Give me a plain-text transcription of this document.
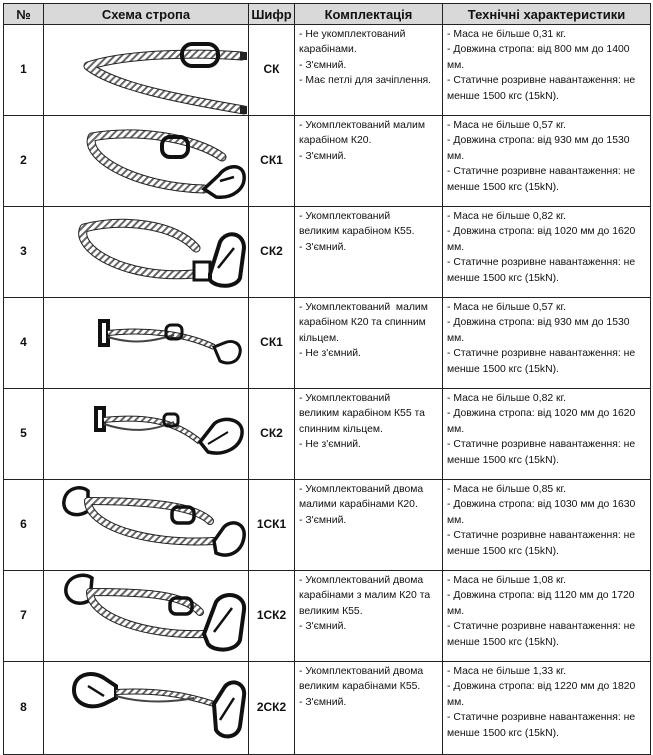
№	Схема стропа	Шифр	Комплектація	Технічні характеристики
1		СК	- Не укомплектований
карабінами.
- З'ємний.
- Має петлі для зачіплення.	- Маса не більше 0,31 кг.
- Довжина стропа: від 800 мм до 1400
мм.
- Статичне розривне навантаження: не
менше 1500 кгс (15kN).

2		СК1	- Укомплектований малим
карабіном К20.
- З'ємний.	- Маса не більше 0,57 кг.
- Довжина стропа: від 930 мм до 1530
мм.
- Статичне розривне навантаження: не
менше 1500 кгс (15kN).

3		СК2	- Укомплектований
великим карабіном К55.
- З'ємний.	- Маса не більше 0,82 кг.
- Довжина стропа: від 1020 мм до 1620
мм.
- Статичне розривне навантаження: не
менше 1500 кгс (15kN).

4		СК1	- Укомплектований  малим
карабіном К20 та спинним
кільцем.
- Не з'ємний.	- Маса не більше 0,57 кг.
- Довжина стропа: від 930 мм до 1530
мм.
- Статичне розривне навантаження: не
менше 1500 кгс (15kN).

5		СК2	- Укомплектований
великим карабіном К55 та
спинним кільцем.
- Не з'ємний.	- Маса не більше 0,82 кг.
- Довжина стропа: від 1020 мм до 1620
мм.
- Статичне розривне навантаження: не
менше 1500 кгс (15kN).

6		1СК1	- Укомплектований двома
малими карабінами К20.
- З'ємний.	- Маса не більше 0,85 кг.
- Довжина стропа: від 1030 мм до 1630
мм.
- Статичне розривне навантаження: не
менше 1500 кгс (15kN).

7		1СК2	- Укомплектований двома
карабінами з малим К20 та
великим К55.
- З'ємний.	- Маса не більше 1,08 кг.
- Довжина стропа: від 1120 мм до 1720
мм.
- Статичне розривне навантаження: не
менше 1500 кгс (15kN).

8		2СК2	- Укомплектований двома
великим карабінами К55.
- З'ємний.	- Маса не більше 1,33 кг.
- Довжина стропа: від 1220 мм до 1820
мм.
- Статичне розривне навантаження: не
менше 1500 кгс (15kN).
